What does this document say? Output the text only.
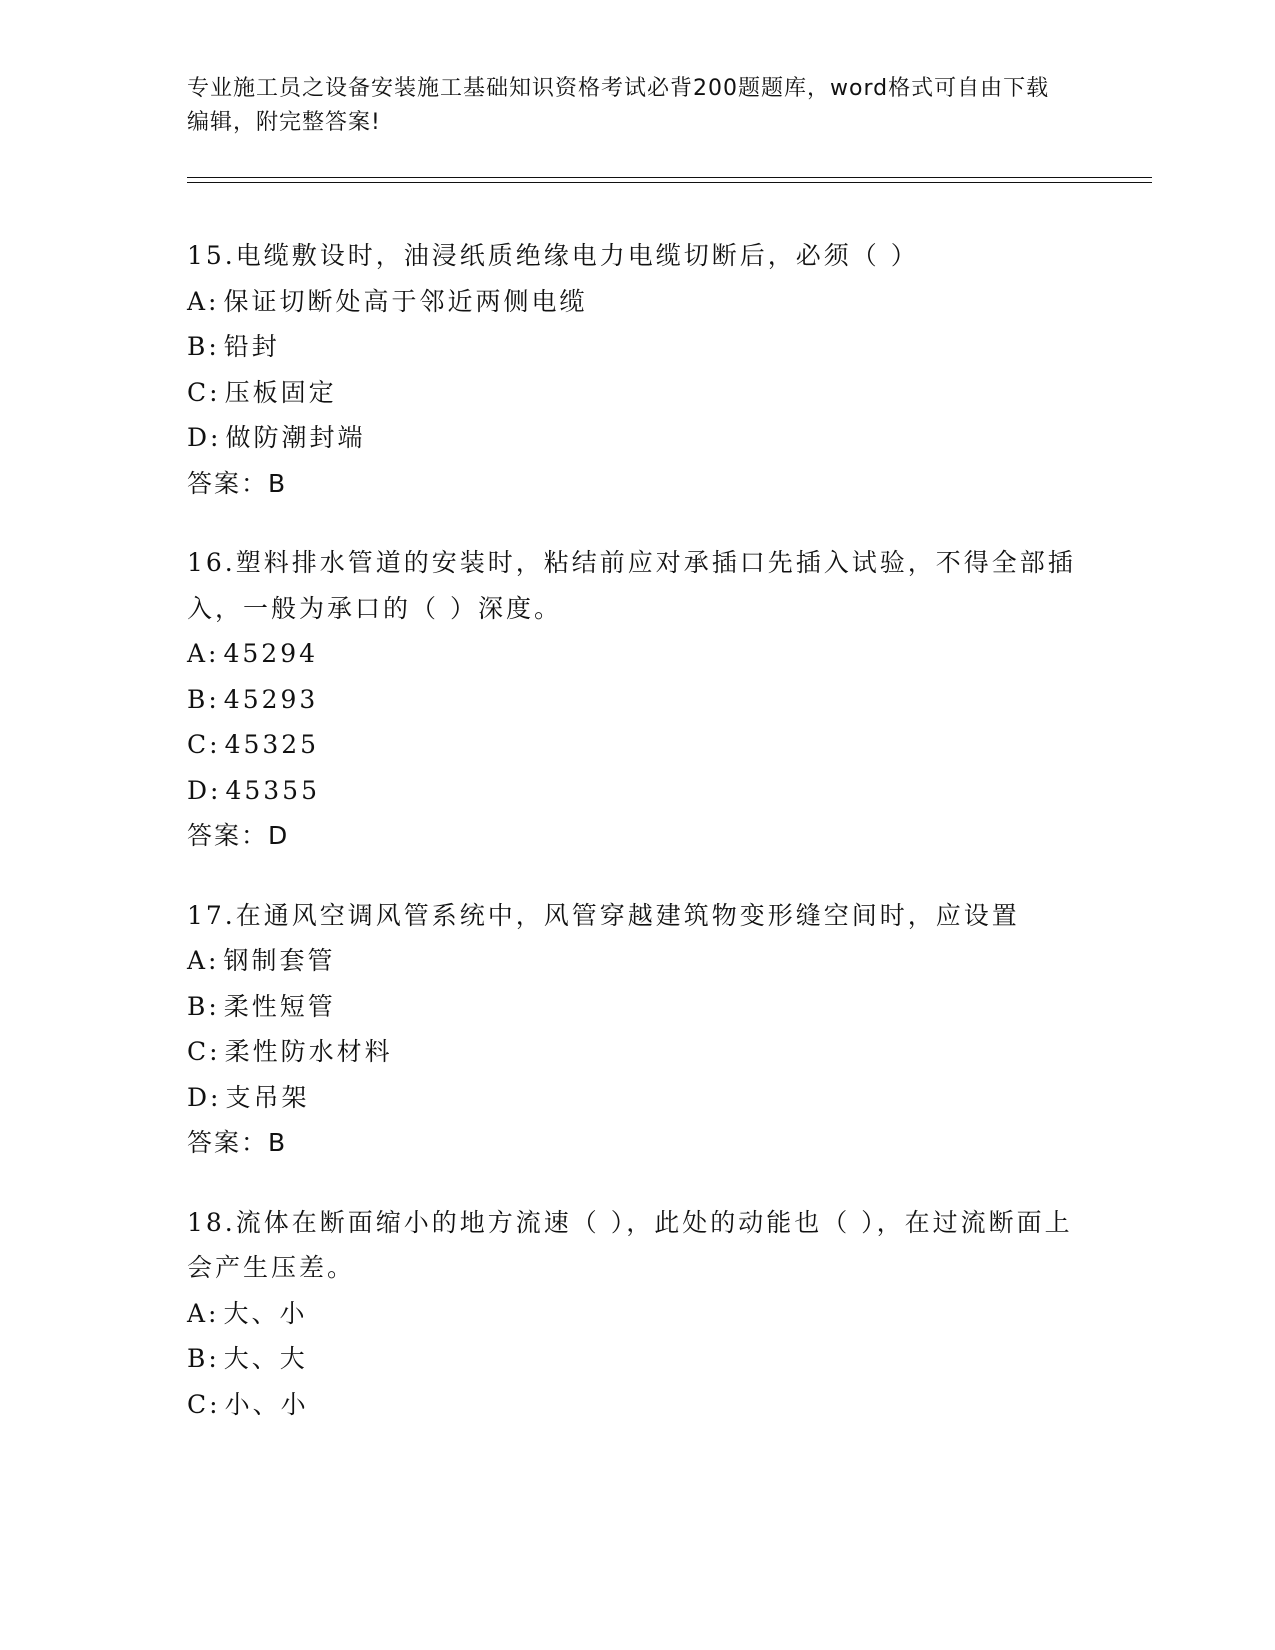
专业施工员之设备安装施工基础知识资格考试必背200题题库，word格式可自由下载编辑，附完整答案!
15.电缆敷设时，油浸纸质绝缘电力电缆切断后，必须（ ）
A: 保证切断处高于邻近两侧电缆
B: 铅封
C: 压板固定
D: 做防潮封端
答案：B
16.塑料排水管道的安装时，粘结前应对承插口先插入试验，不得全部插入，一般为承口的（ ）深度。
A: 45294
B: 45293
C: 45325
D: 45355
答案：D
17.在通风空调风管系统中，风管穿越建筑物变形缝空间时，应设置
A: 钢制套管
B: 柔性短管
C: 柔性防水材料
D: 支吊架
答案：B
18.流体在断面缩小的地方流速（ ），此处的动能也（ ），在过流断面上会产生压差。
A: 大、小
B: 大、大
C: 小、小
